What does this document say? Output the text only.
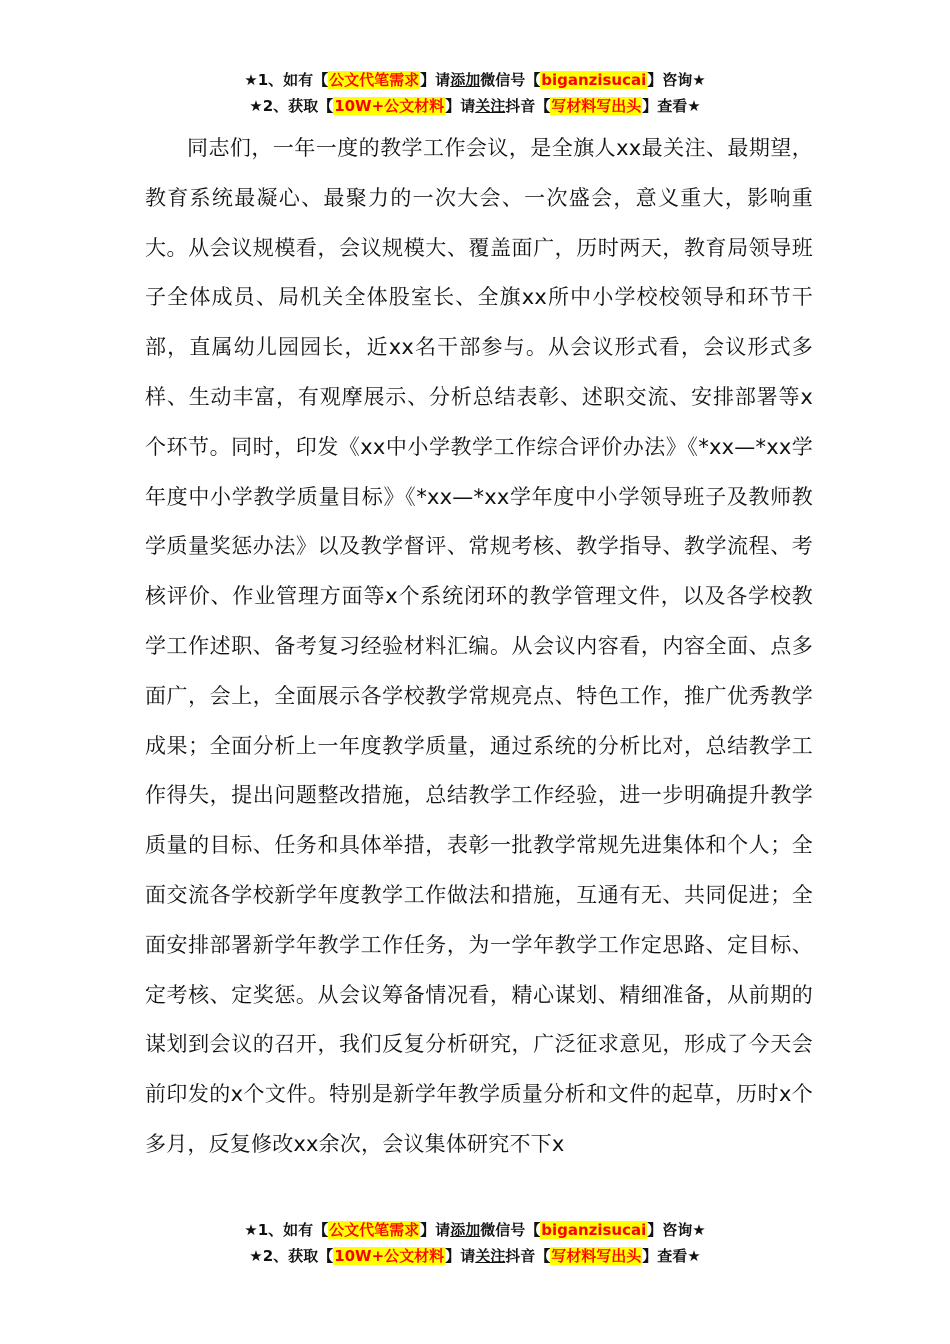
★1、如有【公文代笔需求】请添加微信号【biganzisucai】咨询★
★2、获取【10W+公文材料】请关注抖音【写材料写出头】查看★

同志们，一年一度的教学工作会议，是全旗人xx最关注、最期望，教育系统最凝心、最聚力的一次大会、一次盛会，意义重大，影响重大。从会议规模看，会议规模大、覆盖面广，历时两天，教育局领导班子全体成员、局机关全体股室长、全旗xx所中小学校校领导和环节干部，直属幼儿园园长，近xx名干部参与。从会议形式看，会议形式多样、生动丰富，有观摩展示、分析总结表彰、述职交流、安排部署等x个环节。同时，印发《xx中小学教学工作综合评价办法》《*xx—*xx学年度中小学教学质量目标》《*xx—*xx学年度中小学领导班子及教师教学质量奖惩办法》以及教学督评、常规考核、教学指导、教学流程、考核评价、作业管理方面等x个系统闭环的教学管理文件，以及各学校教学工作述职、备考复习经验材料汇编。从会议内容看，内容全面、点多面广，会上，全面展示各学校教学常规亮点、特色工作，推广优秀教学成果；全面分析上一年度教学质量，通过系统的分析比对，总结教学工作得失，提出问题整改措施，总结教学工作经验，进一步明确提升教学质量的目标、任务和具体举措，表彰一批教学常规先进集体和个人；全面交流各学校新学年度教学工作做法和措施，互通有无、共同促进；全面安排部署新学年教学工作任务，为一学年教学工作定思路、定目标、定考核、定奖惩。从会议筹备情况看，精心谋划、精细准备，从前期的谋划到会议的召开，我们反复分析研究，广泛征求意见，形成了今天会前印发的x个文件。特别是新学年教学质量分析和文件的起草，历时x个多月，反复修改xx余次，会议集体研究不下x

★1、如有【公文代笔需求】请添加微信号【biganzisucai】咨询★
★2、获取【10W+公文材料】请关注抖音【写材料写出头】查看★
